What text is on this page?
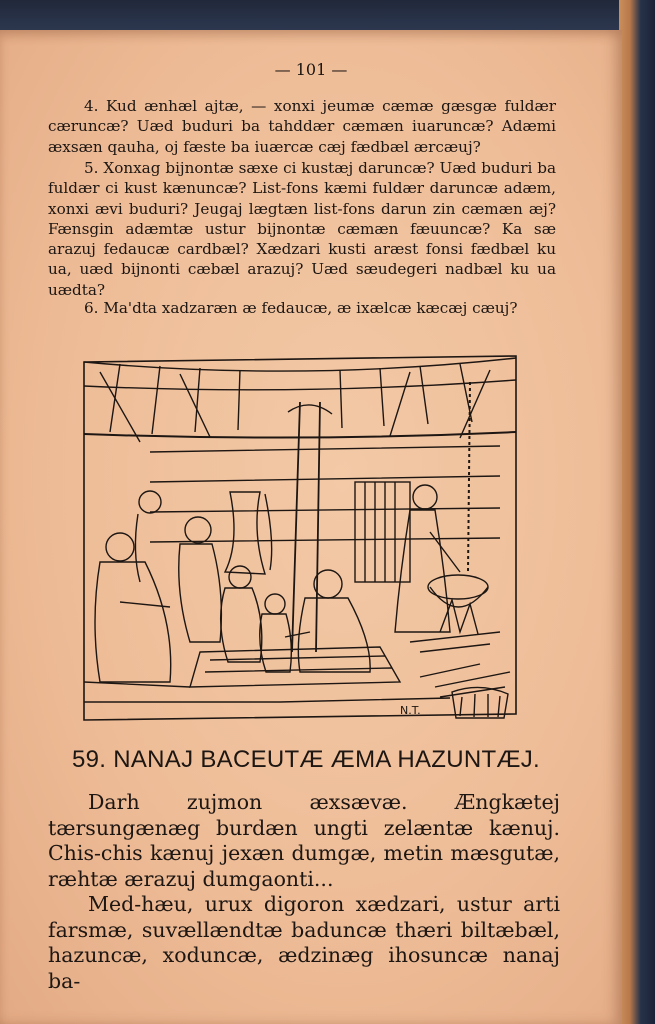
— 101 —

4. Kud ænhæl ajtæ, — xonxi jeumæ cæmæ gæsgæ fuldær cæruncæ? Uæd buduri ba tahddær cæmæn iuaruncæ? Adæmi æxsæn qauha, oj fæste ba iuærcæ cæj fædbæl ærcæuj?

5. Xonxag bijnontæ sæxe ci kustæj daruncæ? Uæd buduri ba fuldær ci kust kænuncæ? List-fons kæmi fuldær daruncæ adæm, xonxi ævi buduri? Jeugaj lægtæn list-fons darun zin cæmæn æj? Fænsgin adæmtæ ustur bijnontæ cæmæn fæuuncæ? Ka sæ arazuj fedaucæ cardbæl? Xædzari kusti aræst fonsi fædbæl ku ua, uæd bijnonti cæbæl arazuj? Uæd sæudegeri nadbæl ku ua uædta?

6. Ma'dta xadzaræn æ fedaucæ, æ ixælcæ kæcæj cæuj?

N.T.
59. NANAJ BACEUTÆ ÆMA HAZUNTÆJ.

Darh zujmon æxsævæ. Ængkætej tærsungænæg burdæn ungti zelæntæ kænuj. Chis-chis kænuj jexæn dumgæ, metin mæsgutæ, ræhtæ ærazuj dumgaonti...

Med-hæu, urux digoron xædzari, ustur arti farsmæ, suvællændtæ baduncæ thæri biltæbæl, hazuncæ, xoduncæ, ædzinæg ihosuncæ nanaj ba-
